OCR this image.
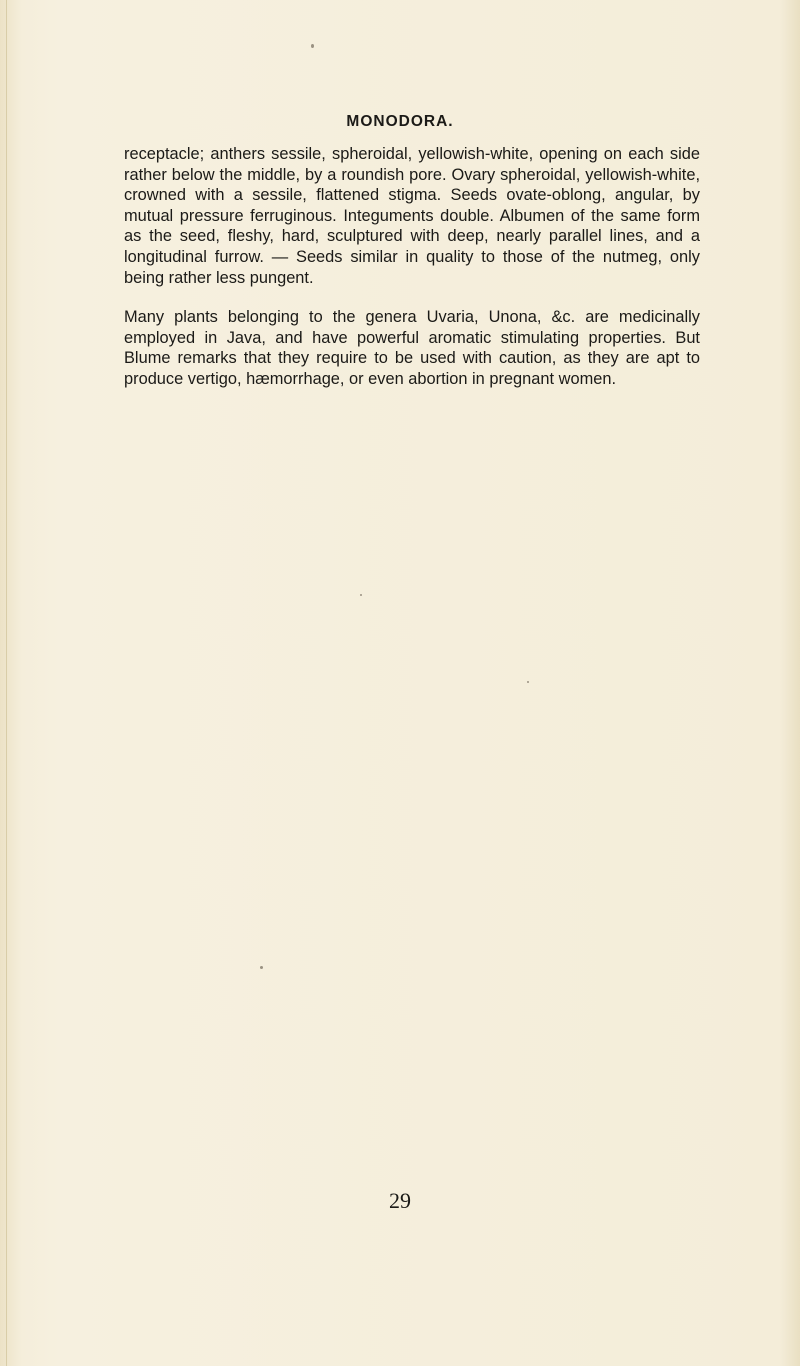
MONODORA.

receptacle; anthers sessile, spheroidal, yellowish-white, opening on each side rather below the middle, by a roundish pore. Ovary spheroidal, yellowish-white, crowned with a sessile, flattened stigma. Seeds ovate-oblong, angular, by mutual pressure ferruginous. Integuments double. Albumen of the same form as the seed, fleshy, hard, sculptured with deep, nearly parallel lines, and a longitudinal furrow. — Seeds similar in quality to those of the nutmeg, only being rather less pungent.

Many plants belonging to the genera Uvaria, Unona, &c. are medicinally employed in Java, and have powerful aromatic stimulating properties. But Blume remarks that they require to be used with caution, as they are apt to produce vertigo, hæmorrhage, or even abortion in pregnant women.

29
